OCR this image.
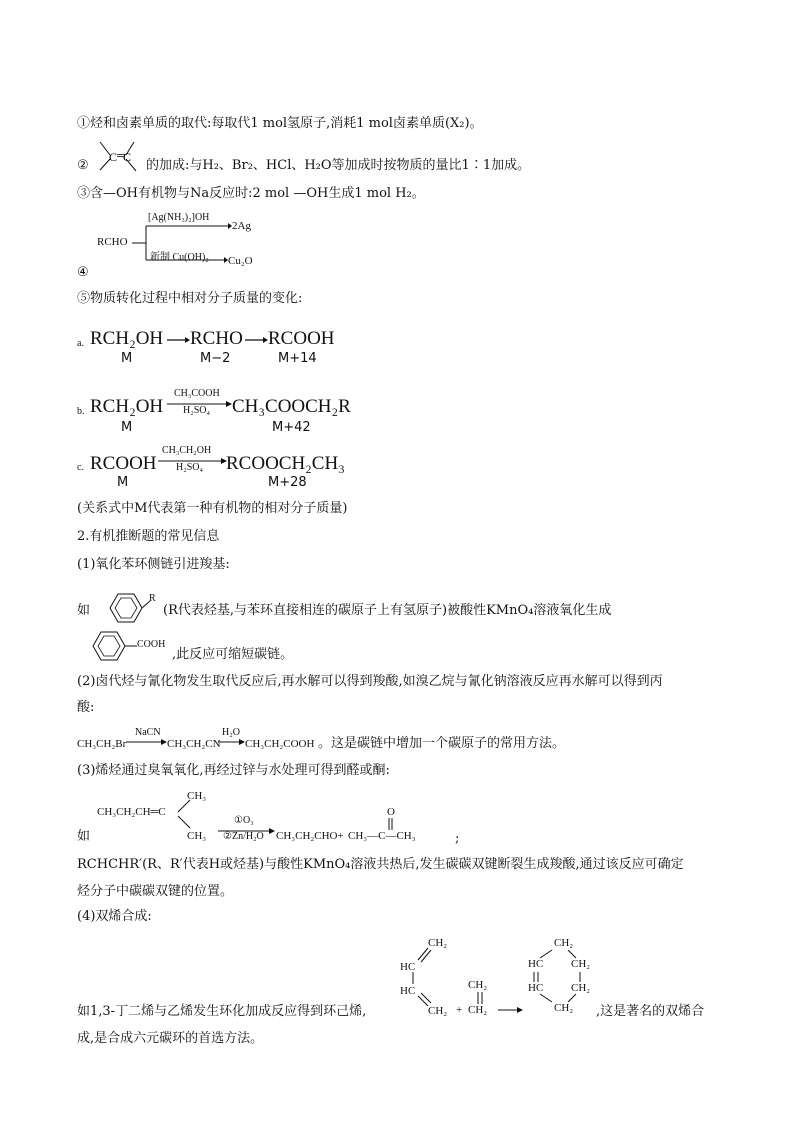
①烃和卤素单质的取代:每取代1 mol氢原子,消耗1 mol卤素单质(X₂)。
②
C ═
C
的加成:与H₂、Br₂、HCl、H₂O等加成时按物质的量比1∶1加成。
③含—OH有机物与Na反应时:2 mol —OH生成1 mol H₂。
RCHO
[Ag(NH₃)₂]OH
2Ag
新制 Cu(OH)₂ Cu₂O
④
⑤物质转化过程中相对分子质量的变化:
a. RCH₂OH RCHO RCOOH
M	M−2	M+14
b. RCH₂OH
CH₃COOH
H₂SO₄ CH₃COOCH₂R
M	M+42
c. RCOOH
CH₃CH₂OH
H₂SO₄ RCOOCH₂CH₃
M	M+28
(关系式中M代表第一种有机物的相对分子质量)
2.有机推断题的常见信息
(1)氧化苯环侧链引进羧基:
如
R
(R代表烃基,与苯环直接相连的碳原子上有氢原子)被酸性KMnO₄溶液氧化生成
COOH
,此反应可缩短碳链。
(2)卤代烃与氰化物发生取代反应后,再水解可以得到羧酸,如溴乙烷与氰化钠溶液反应再水解可以得到丙
酸:
CH₃CH₂Br
NaCN
CH₃CH₂CN
H₂O
CH₃CH₂COOH 。这是碳链中增加一个碳原子的常用方法。
(3)烯烃通过臭氧氧化,再经过锌与水处理可得到醛或酮:
CH₃CH₂CH═C
CH₃
如	CH₃
①O₃
②Zn/H₂O CH₃CH₂CHO+
O
CH₃—C—CH₃	;
RCHCHR′(R、R′代表H或烃基)与酸性KMnO₄溶液共热后,发生碳碳双键断裂生成羧酸,通过该反应可确定
烃分子中碳碳双键的位置。
(4)双烯合成:
CH₂
HC
HC
CH₂ +
CH₂
CH₂
CH₂
HC	CH₂
HC	CH₂
CH₂
如1,3-丁二烯与乙烯发生环化加成反应得到环己烯,	,这是著名的双烯合
成,是合成六元碳环的首选方法。
